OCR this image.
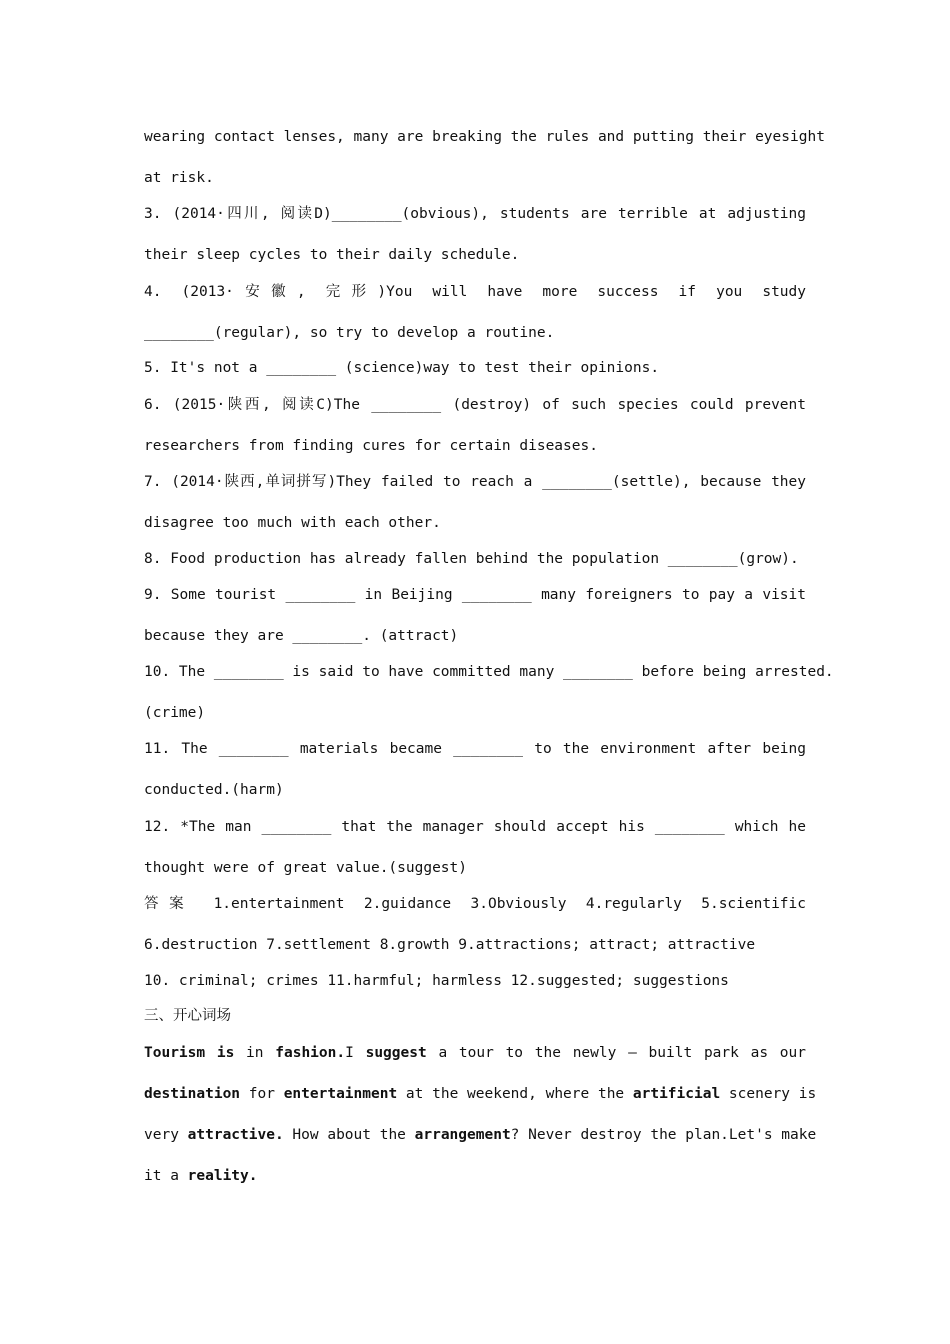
wearing contact lenses, many are breaking the rules and putting their eyesight
at risk.
3. (2014·四川, 阅读D)________(obvious), students are terrible at adjusting
their sleep cycles to their daily schedule.
4. (2013·安徽, 完形)You will have more success if you study
________(regular), so try to develop a routine.
5. It's not a ________ (science)way to test their opinions.
6. (2015·陕西, 阅读C)The ________ (destroy) of such species could prevent
researchers from finding cures for certain diseases.
7. (2014·陕西,单词拼写)They failed to reach a ________(settle), because they
disagree too much with each other.
8. Food production has already fallen behind the population ________(grow).
9. Some tourist ________ in Beijing ________ many foreigners to pay a visit
because they are ________. (attract)
10. The ________ is said to have committed many ________ before being arrested.
(crime)
11. The ________ materials became ________ to the environment after being
conducted.(harm)
12. *The man ________ that the manager should accept his ________ which he
thought were of great value.(suggest)
答案 1.entertainment 2.guidance 3.Obviously 4.regularly 5.scientific
6.destruction 7.settlement 8.growth 9.attractions; attract; attractive
10. criminal; crimes 11.harmful; harmless 12.suggested; suggestions
三、开心词场
Tourism is in fashion.I suggest a tour to the newly — built park as our
destination for entertainment at the weekend, where the artificial scenery is
very attractive. How about the arrangement? Never destroy the plan.Let's make
it a reality.
